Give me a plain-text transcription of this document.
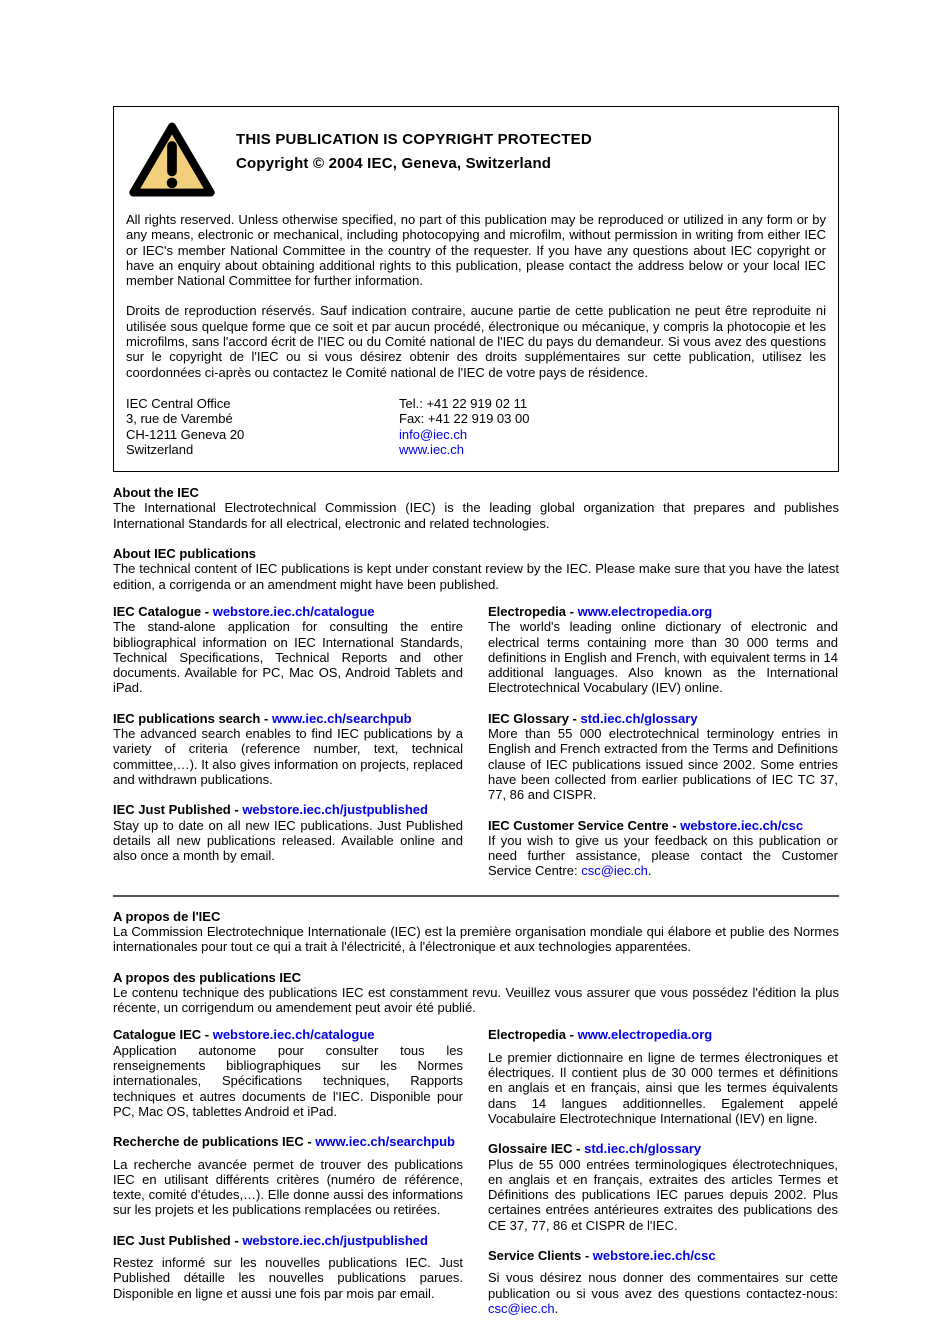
THIS PUBLICATION IS COPYRIGHT PROTECTED
Copyright © 2004 IEC, Geneva, Switzerland

All rights reserved. Unless otherwise specified, no part of this publication may be reproduced or utilized in any form or by any means, electronic or mechanical, including photocopying and microfilm, without permission in writing from either IEC or IEC's member National Committee in the country of the requester. If you have any questions about IEC copyright or have an enquiry about obtaining additional rights to this publication, please contact the address below or your local IEC member National Committee for further information.

Droits de reproduction réservés. Sauf indication contraire, aucune partie de cette publication ne peut être reproduite ni utilisée sous quelque forme que ce soit et par aucun procédé, électronique ou mécanique, y compris la photocopie et les microfilms, sans l'accord écrit de l'IEC ou du Comité national de l'IEC du pays du demandeur. Si vous avez des questions sur le copyright de l'IEC ou si vous désirez obtenir des droits supplémentaires sur cette publication, utilisez les coordonnées ci-après ou contactez le Comité national de l'IEC de votre pays de résidence.

IEC Central Office
3, rue de Varembé
CH-1211 Geneva 20
Switzerland
Tel.: +41 22 919 02 11
Fax: +41 22 919 03 00
info@iec.ch
www.iec.ch

About the IEC

The International Electrotechnical Commission (IEC) is the leading global organization that prepares and publishes International Standards for all electrical, electronic and related technologies.

About IEC publications

The technical content of IEC publications is kept under constant review by the IEC. Please make sure that you have the latest edition, a corrigenda or an amendment might have been published.

IEC Catalogue - webstore.iec.ch/catalogue

The stand-alone application for consulting the entire bibliographical information on IEC International Standards, Technical Specifications, Technical Reports and other documents. Available for PC, Mac OS, Android Tablets and iPad.

IEC publications search - www.iec.ch/searchpub

The advanced search enables to find IEC publications by a variety of criteria (reference number, text, technical committee,…). It also gives information on projects, replaced and withdrawn publications.

IEC Just Published - webstore.iec.ch/justpublished

Stay up to date on all new IEC publications. Just Published details all new publications released. Available online and also once a month by email.

Electropedia - www.electropedia.org

The world's leading online dictionary of electronic and electrical terms containing more than 30 000 terms and definitions in English and French, with equivalent terms in 14 additional languages. Also known as the International Electrotechnical Vocabulary (IEV) online.

IEC Glossary - std.iec.ch/glossary

More than 55 000 electrotechnical terminology entries in English and French extracted from the Terms and Definitions clause of IEC publications issued since 2002. Some entries have been collected from earlier publications of IEC TC 37, 77, 86 and CISPR.

IEC Customer Service Centre - webstore.iec.ch/csc

If you wish to give us your feedback on this publication or need further assistance, please contact the Customer Service Centre: csc@iec.ch.

A propos de l'IEC

La Commission Electrotechnique Internationale (IEC) est la première organisation mondiale qui élabore et publie des Normes internationales pour tout ce qui a trait à l'électricité, à l'électronique et aux technologies apparentées.

A propos des publications IEC

Le contenu technique des publications IEC est constamment revu. Veuillez vous assurer que vous possédez l'édition la plus récente, un corrigendum ou amendement peut avoir été publié.

Catalogue IEC - webstore.iec.ch/catalogue

Application autonome pour consulter tous les renseignements bibliographiques sur les Normes internationales, Spécifications techniques, Rapports techniques et autres documents de l'IEC. Disponible pour PC, Mac OS, tablettes Android et iPad.

Recherche de publications IEC - www.iec.ch/searchpub

La recherche avancée permet de trouver des publications IEC en utilisant différents critères (numéro de référence, texte, comité d'études,…). Elle donne aussi des informations sur les projets et les publications remplacées ou retirées.

IEC Just Published - webstore.iec.ch/justpublished

Restez informé sur les nouvelles publications IEC. Just Published détaille les nouvelles publications parues. Disponible en ligne et aussi une fois par mois par email.

Electropedia - www.electropedia.org

Le premier dictionnaire en ligne de termes électroniques et électriques. Il contient plus de 30 000 termes et définitions en anglais et en français, ainsi que les termes équivalents dans 14 langues additionnelles. Egalement appelé Vocabulaire Electrotechnique International (IEV) en ligne.

Glossaire IEC - std.iec.ch/glossary

Plus de 55 000 entrées terminologiques électrotechniques, en anglais et en français, extraites des articles Termes et Définitions des publications IEC parues depuis 2002. Plus certaines entrées antérieures extraites des publications des CE 37, 77, 86 et CISPR de l'IEC.

Service Clients - webstore.iec.ch/csc

Si vous désirez nous donner des commentaires sur cette publication ou si vous avez des questions contactez-nous: csc@iec.ch.
